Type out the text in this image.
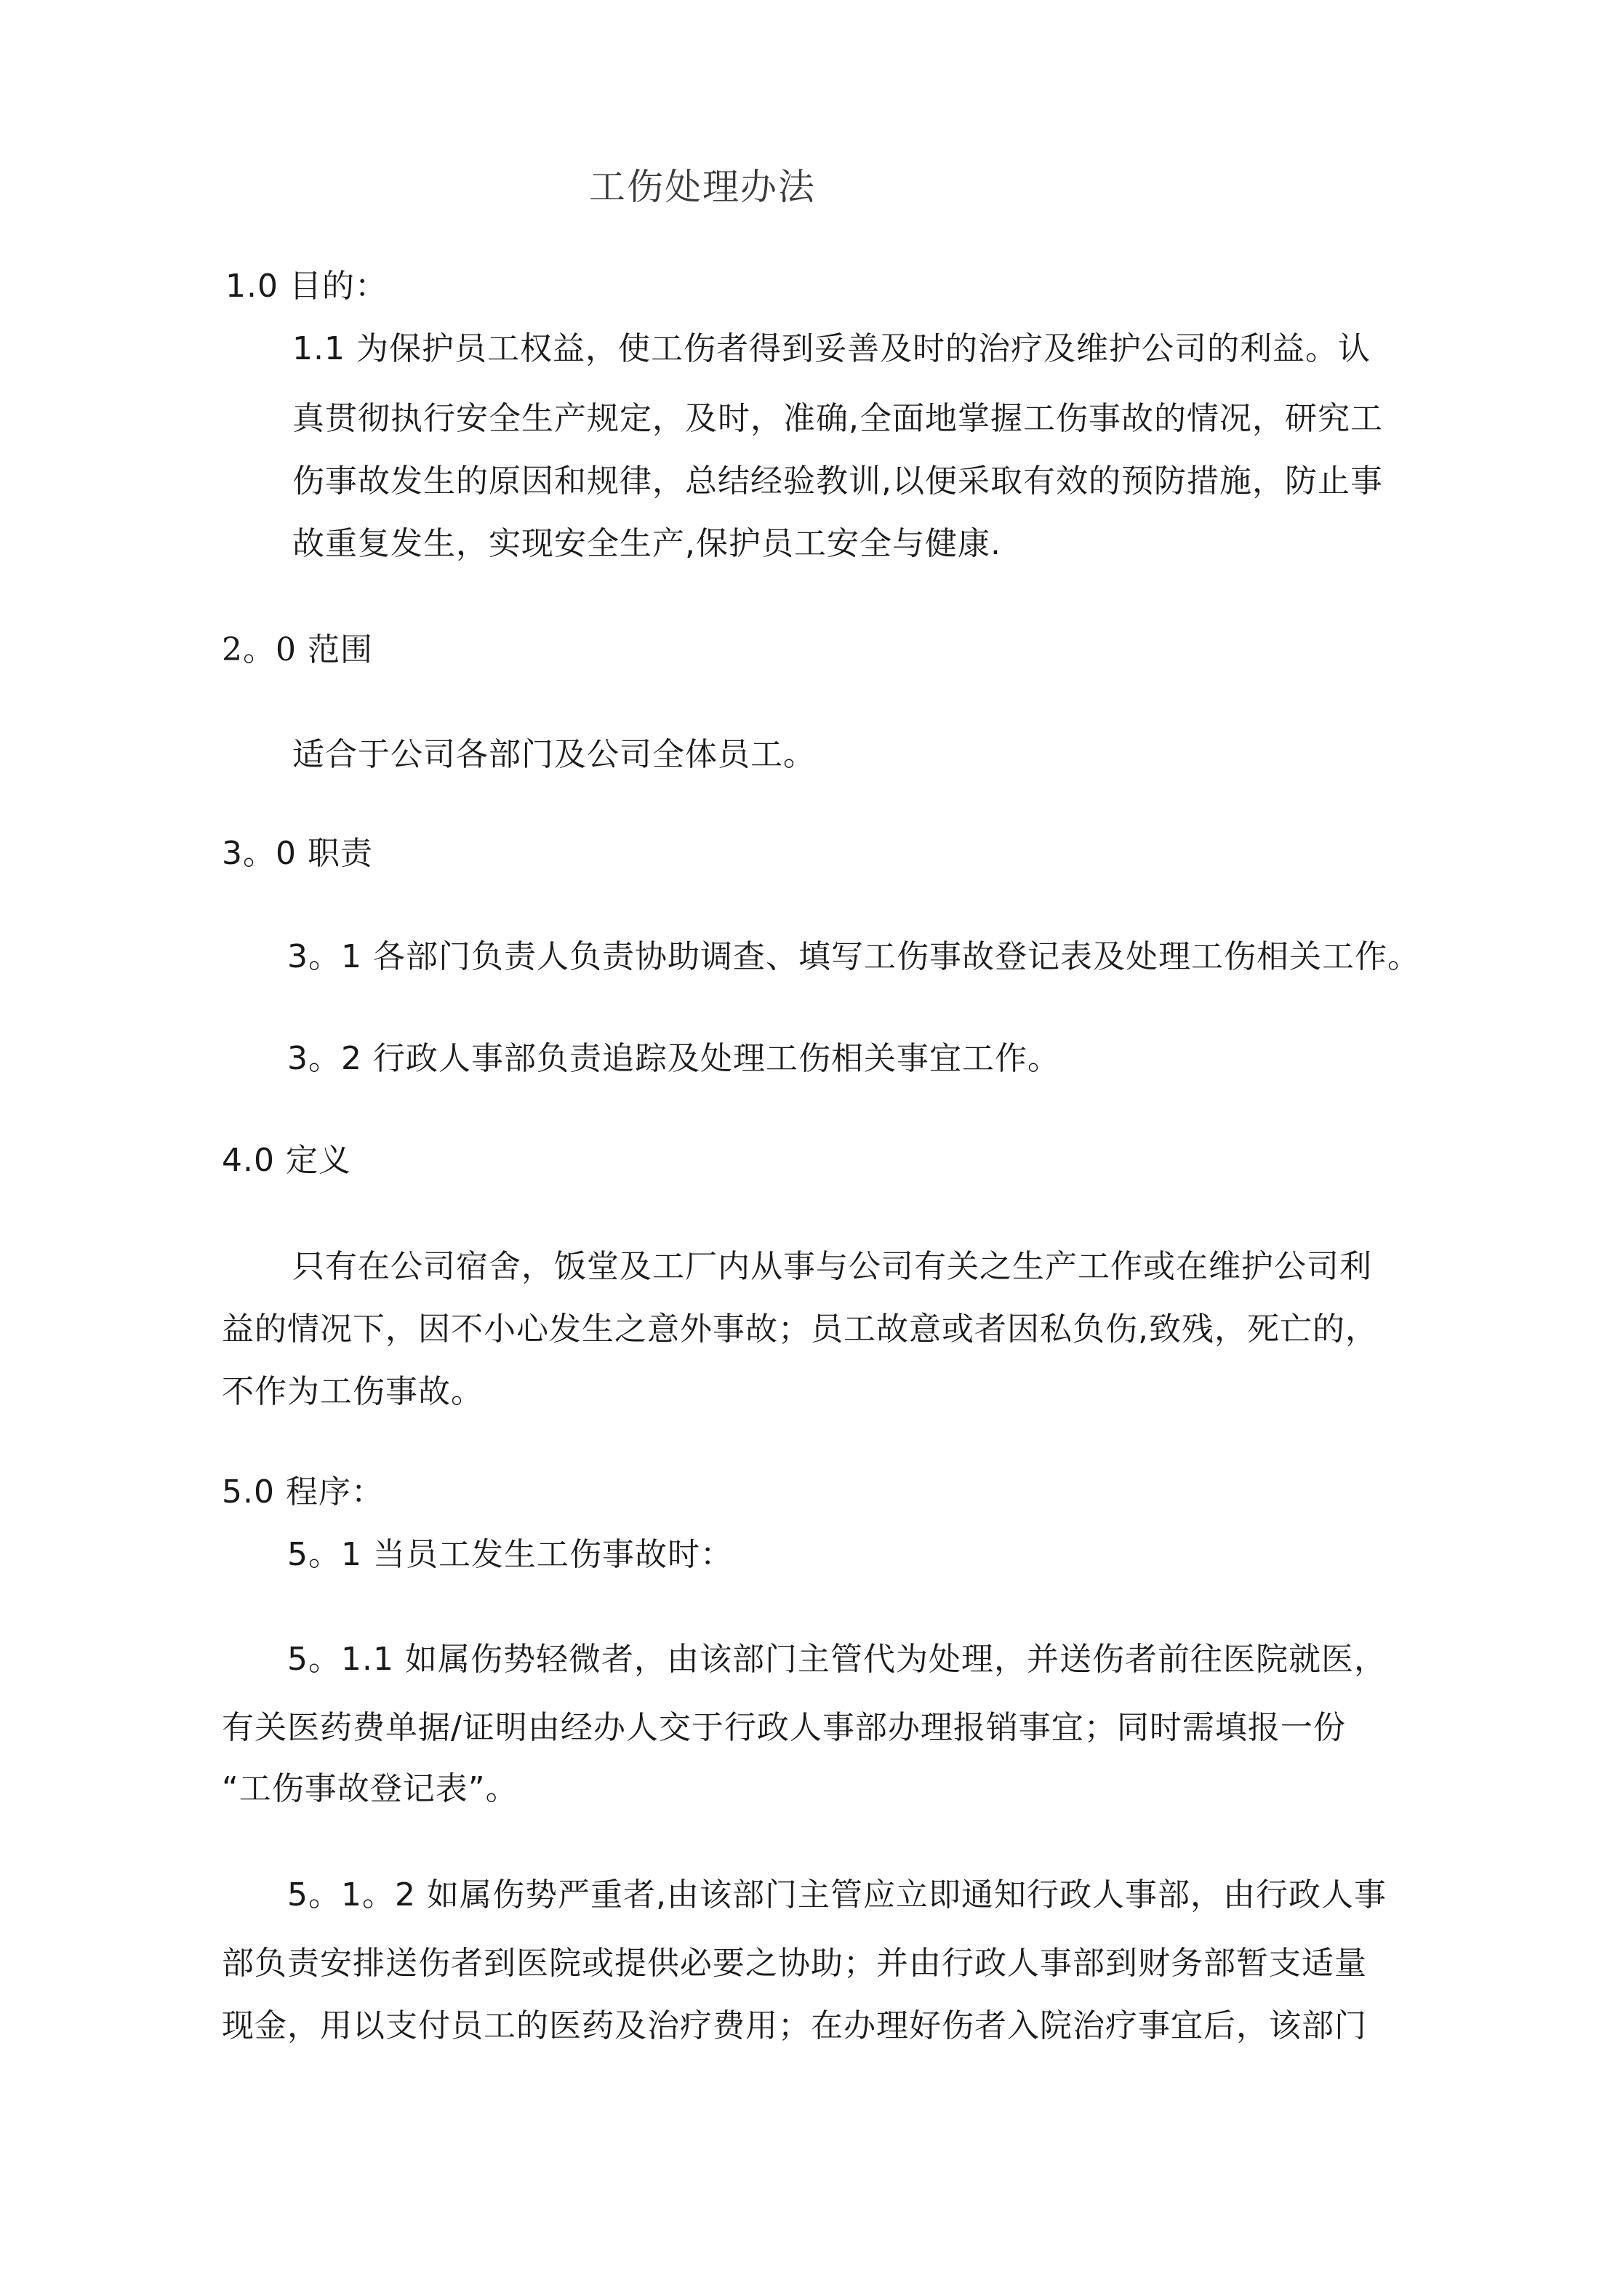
工伤处理办法
1.0 目的：
1.1 为保护员工权益，使工伤者得到妥善及时的治疗及维护公司的利益。认
真贯彻执行安全生产规定，及时，准确,全面地掌握工伤事故的情况，研究工
伤事故发生的原因和规律，总结经验教训,以便采取有效的预防措施，防止事
故重复发生，实现安全生产,保护员工安全与健康.
2。0 范围
适合于公司各部门及公司全体员工。
3。0 职责
3。1 各部门负责人负责协助调查、填写工伤事故登记表及处理工伤相关工作。
3。2 行政人事部负责追踪及处理工伤相关事宜工作。
4.0 定义
只有在公司宿舍，饭堂及工厂内从事与公司有关之生产工作或在维护公司利
益的情况下，因不小心发生之意外事故；员工故意或者因私负伤,致残，死亡的，
不作为工伤事故。
5.0 程序：
5。1 当员工发生工伤事故时：
5。1.1 如属伤势轻微者，由该部门主管代为处理，并送伤者前往医院就医，
有关医药费单据/证明由经办人交于行政人事部办理报销事宜；同时需填报一份
“工伤事故登记表”。
5。1。2 如属伤势严重者,由该部门主管应立即通知行政人事部，由行政人事
部负责安排送伤者到医院或提供必要之协助；并由行政人事部到财务部暂支适量
现金，用以支付员工的医药及治疗费用；在办理好伤者入院治疗事宜后，该部门
